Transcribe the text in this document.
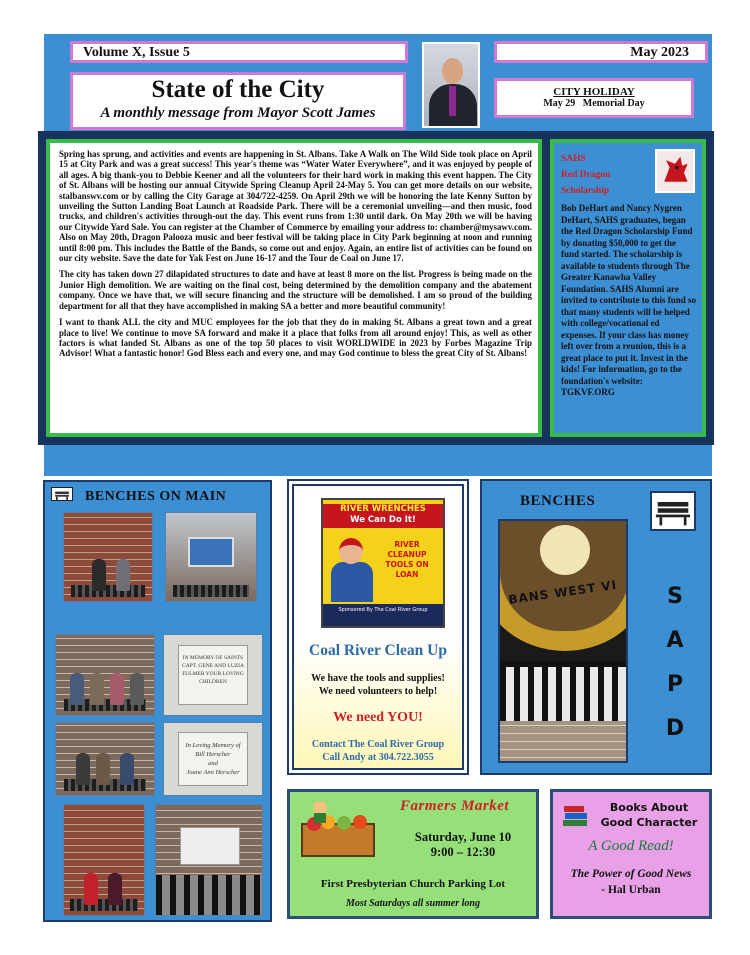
Volume X, Issue 5	May 2023
State of the City

A monthly message from Mayor Scott James

CITY HOLIDAY
May 29   Memorial Day

Spring has sprung, and activities and events are happening in St. Albans. Take A Walk on The Wild Side took place on April 15 at City Park and was a great success! This year's theme was “Water Water Everywhere”, and it was enjoyed by people of all ages. A big thank-you to Debbie Keener and all the volunteers for their hard work in making this event happen. The City of St. Albans will be hosting our annual Citywide Spring Cleanup April 24-May 5. You can get more details on our website, stalbanswv.com or by calling the City Garage at 304/722-4259. On April 29th we will be honoring the late Kenny Sutton by unveiling the Sutton Landing Boat Launch at Roadside Park. There will be a ceremonial unveiling—and then music, food trucks, and children's activities through-out the day. This event runs from 1:30 until dark. On May 20th we will be having our Citywide Yard Sale. You can register at the Chamber of Commerce by emailing your address to: chamber@mysawv.com. Also on May 20th, Dragon Palooza music and beer festival will be taking place in City Park beginning at noon and running until 8:00 pm. This includes the Battle of the Bands, so come out and enjoy. Again, an entire list of activities can be found on our city website. Save the date for Yak Fest on June 16-17 and the Tour de Coal on June 17.

The city has taken down 27 dilapidated structures to date and have at least 8 more on the list. Progress is being made on the Junior High demolition. We are waiting on the final cost, being determined by the demolition company and the abatement company. Once we have that, we will secure financing and the structure will be demolished. I am so proud of the building department for all that they have accomplished in making SA a better and more beautiful community!

I want to thank ALL the city and MUC employees for the job that they do in making St. Albans a great town and a great place to live! We continue to move SA forward and make it a place that folks from all around enjoy! This, as well as other factors is what landed St. Albans as one of the top 50 places to visit WORLDWIDE in 2023 by Forbes Magazine Trip Advisor! What a fantastic honor! God Bless each and every one, and may God continue to bless the great City of St. Albans!

SAHS
Red Dragon
Scholarship
Bob DeHart and Nancy Nygren DeHart, SAHS graduates, began the Red Dragon Scholarship Fund by donating $50,000 to get the fund started. The scholarship is available to students through The Greater Kanawha Valley Foundation. SAHS Alumni are invited to contribute to this fund so that many students will be helped with college/vocational ed expenses. If your class has money left over from a reunion, this is a great place to put it. Invest in the kids! For information, go to the foundation's website: TGKVF.ORG
BENCHES ON MAIN
IN MEMORY OF SAINTS CAPT. GENE AND LUZIA FULMER YOUR LOVING CHILDREN
In Loving Memory of
Bill Herscher
and
Joane Ann Herscher
RIVER WRENCHES
We Can Do It!
RIVER CLEANUP TOOLS ON LOAN
Sponsored By The Coal River Group
Coal River Clean Up
We have the tools and supplies!
We need volunteers to help!
We need YOU!
Contact The Coal River Group
Call Andy at 304.722.3055
BENCHES
BANS WEST VI	S
A
P
D
Farmers Market
Saturday, June 10
9:00 – 12:30
First Presbyterian Church Parking Lot
Most Saturdays all summer long
Books About
Good Character
A Good Read!
The Power of Good News
- Hal Urban
